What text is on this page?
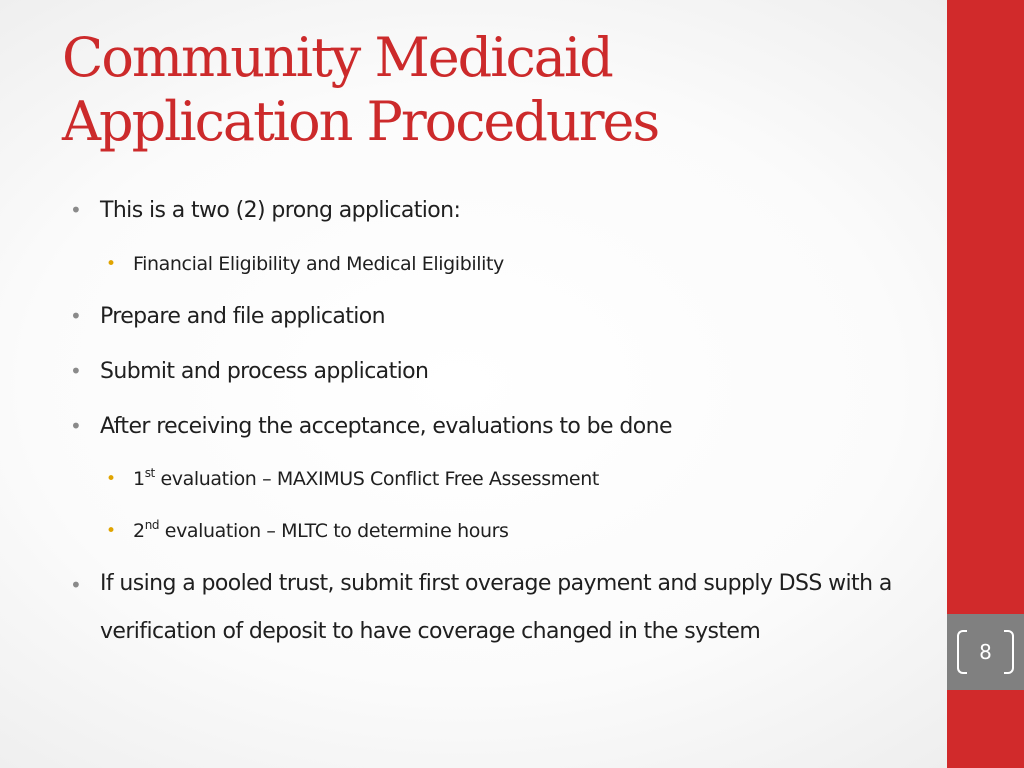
Community Medicaid
Application Procedures
• This is a two (2) prong application:
• Financial Eligibility and Medical Eligibility
• Prepare and file application
• Submit and process application
• After receiving the acceptance, evaluations to be done
• 1st evaluation – MAXIMUS Conflict Free Assessment
• 2nd evaluation – MLTC to determine hours
• If using a pooled trust, submit first overage payment and supply DSS with a verification of deposit to have coverage changed in the system
8
